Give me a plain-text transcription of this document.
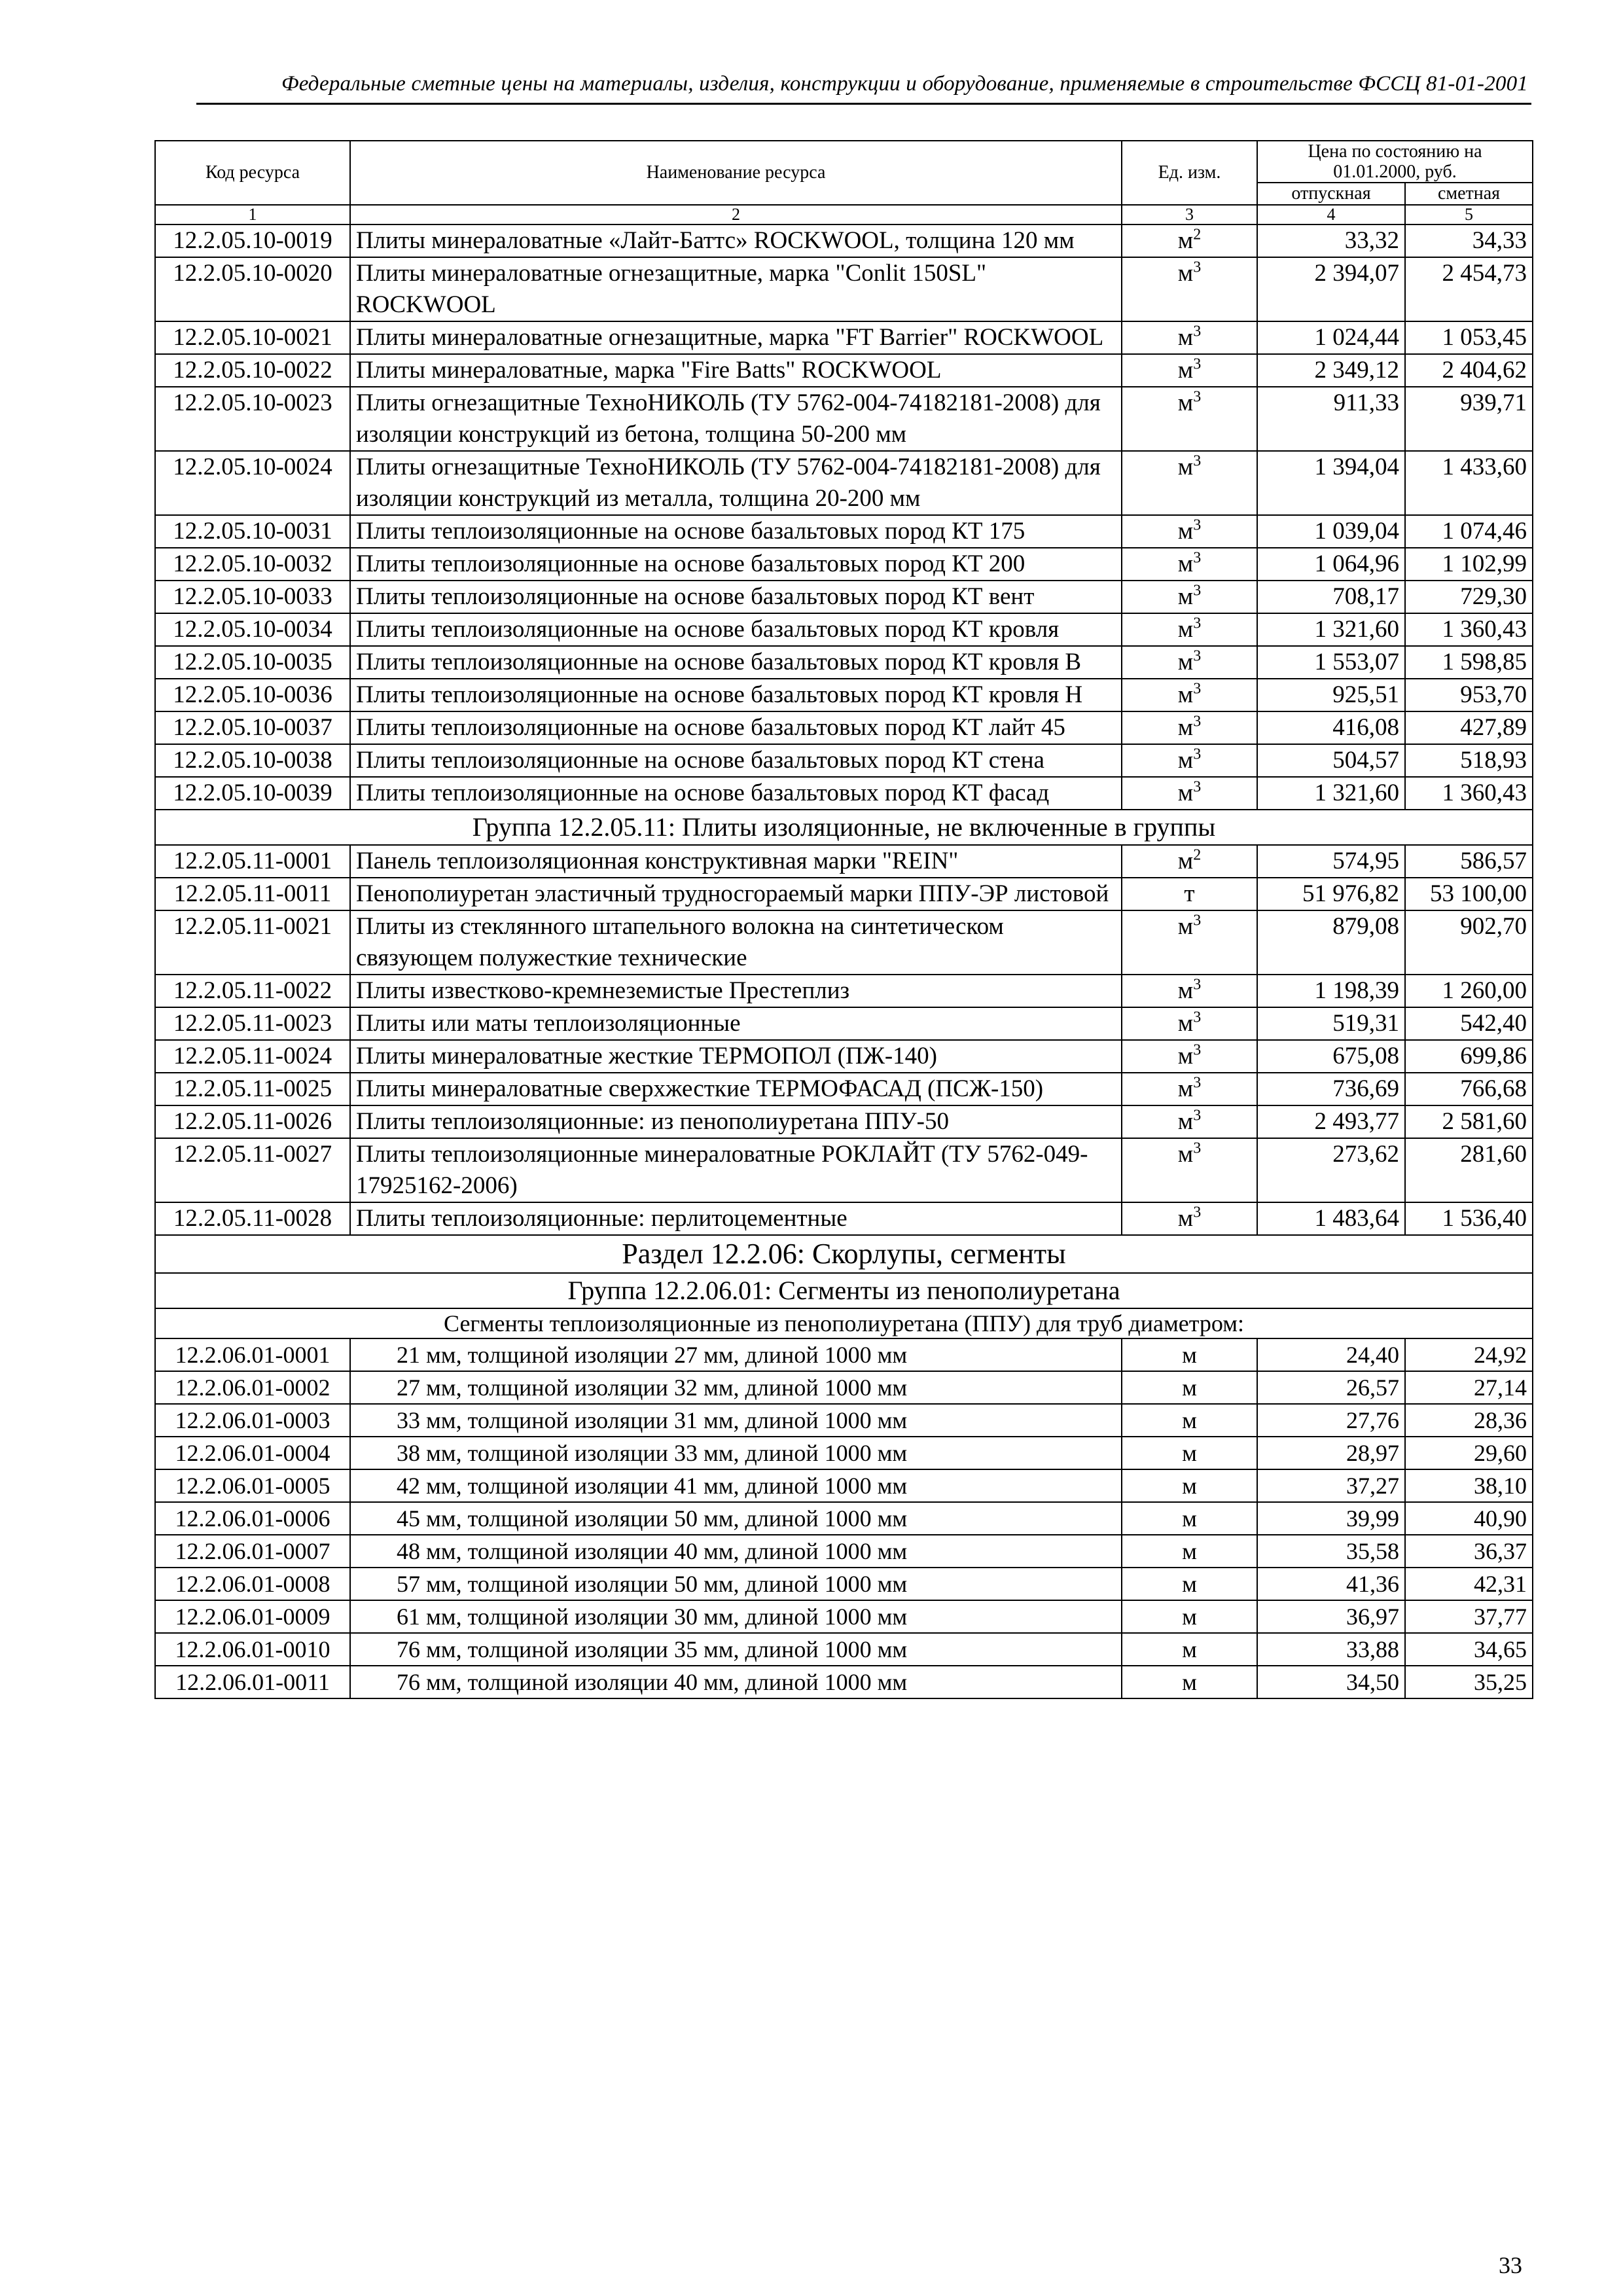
Федеральные сметные цены на материалы, изделия, конструкции и оборудование, применяемые в строительстве ФССЦ 81-01-2001
Код ресурса	Наименование ресурса	Ед. изм.	Цена по состоянию на 01.01.2000, руб.	
			отпускная	сметная
1	2	3	4	5
12.2.05.10-0019	Плиты минераловатные «Лайт-Баттс» ROCKWOOL, толщина 120 мм	$м^2$	33,32	34,33
12.2.05.10-0020	Плиты минераловатные огнезащитные, марка "Conlit 150SL" ROCKWOOL	$м^3$	2 394,07	2 454,73
12.2.05.10-0021	Плиты минераловатные огнезащитные, марка "FT Barrier" ROCKWOOL	$м^3$	1 024,44	1 053,45
12.2.05.10-0022	Плиты минераловатные, марка "Fire Batts" ROCKWOOL	$м^3$	2 349,12	2 404,62
12.2.05.10-0023	Плиты огнезащитные ТехноНИКОЛЬ (ТУ 5762-004-74182181-2008) для изоляции конструкций из бетона, толщина 50-200 мм	$м^3$	911,33	939,71
12.2.05.10-0024	Плиты огнезащитные ТехноНИКОЛЬ (ТУ 5762-004-74182181-2008) для изоляции конструкций из металла, толщина 20-200 мм	$м^3$	1 394,04	1 433,60
12.2.05.10-0031	Плиты теплоизоляционные на основе базальтовых пород КТ 175	$м^3$	1 039,04	1 074,46
12.2.05.10-0032	Плиты теплоизоляционные на основе базальтовых пород КТ 200	$м^3$	1 064,96	1 102,99
12.2.05.10-0033	Плиты теплоизоляционные на основе базальтовых пород КТ вент	$м^3$	708,17	729,30
12.2.05.10-0034	Плиты теплоизоляционные на основе базальтовых пород КТ кровля	$м^3$	1 321,60	1 360,43
12.2.05.10-0035	Плиты теплоизоляционные на основе базальтовых пород КТ кровля В	$м^3$	1 553,07	1 598,85
12.2.05.10-0036	Плиты теплоизоляционные на основе базальтовых пород КТ кровля Н	$м^3$	925,51	953,70
12.2.05.10-0037	Плиты теплоизоляционные на основе базальтовых пород КТ лайт 45	$м^3$	416,08	427,89
12.2.05.10-0038	Плиты теплоизоляционные на основе базальтовых пород КТ стена	$м^3$	504,57	518,93
12.2.05.10-0039	Плиты теплоизоляционные на основе базальтовых пород КТ фасад	$м^3$	1 321,60	1 360,43
Группа 12.2.05.11: Плиты изоляционные, не включенные в группы				
12.2.05.11-0001	Панель теплоизоляционная конструктивная марки "REIN"	$м^2$	574,95	586,57
12.2.05.11-0011	Пенополиуретан эластичный трудносгораемый марки ППУ-ЭР листовой	т	51 976,82	53 100,00
12.2.05.11-0021	Плиты из стеклянного штапельного волокна на синтетическом связующем полужесткие технические	$м^3$	879,08	902,70
12.2.05.11-0022	Плиты известково-кремнеземистые Престеплиз	$м^3$	1 198,39	1 260,00
12.2.05.11-0023	Плиты или маты теплоизоляционные	$м^3$	519,31	542,40
12.2.05.11-0024	Плиты минераловатные жесткие ТЕРМОПОЛ (ПЖ-140)	$м^3$	675,08	699,86
12.2.05.11-0025	Плиты минераловатные сверхжесткие ТЕРМОФАСАД (ПСЖ-150)	$м^3$	736,69	766,68
12.2.05.11-0026	Плиты теплоизоляционные: из пенополиуретана ППУ-50	$м^3$	2 493,77	2 581,60
12.2.05.11-0027	Плиты теплоизоляционные минераловатные РОКЛАЙТ (ТУ 5762-049-17925162-2006)	$м^3$	273,62	281,60
12.2.05.11-0028	Плиты теплоизоляционные: перлитоцементные	$м^3$	1 483,64	1 536,40
Раздел 12.2.06: Скорлупы, сегменты				
Группа 12.2.06.01: Сегменты из пенополиуретана				
Сегменты теплоизоляционные из пенополиуретана (ППУ) для труб диаметром:				
12.2.06.01-0001	21 мм, толщиной изоляции 27 мм, длиной 1000 мм	м	24,40	24,92
12.2.06.01-0002	27 мм, толщиной изоляции 32 мм, длиной 1000 мм	м	26,57	27,14
12.2.06.01-0003	33 мм, толщиной изоляции 31 мм, длиной 1000 мм	м	27,76	28,36
12.2.06.01-0004	38 мм, толщиной изоляции 33 мм, длиной 1000 мм	м	28,97	29,60
12.2.06.01-0005	42 мм, толщиной изоляции 41 мм, длиной 1000 мм	м	37,27	38,10
12.2.06.01-0006	45 мм, толщиной изоляции 50 мм, длиной 1000 мм	м	39,99	40,90
12.2.06.01-0007	48 мм, толщиной изоляции 40 мм, длиной 1000 мм	м	35,58	36,37
12.2.06.01-0008	57 мм, толщиной изоляции 50 мм, длиной 1000 мм	м	41,36	42,31
12.2.06.01-0009	61 мм, толщиной изоляции 30 мм, длиной 1000 мм	м	36,97	37,77
12.2.06.01-0010	76 мм, толщиной изоляции 35 мм, длиной 1000 мм	м	33,88	34,65
12.2.06.01-0011	76 мм, толщиной изоляции 40 мм, длиной 1000 мм	м	34,50	35,25
33
